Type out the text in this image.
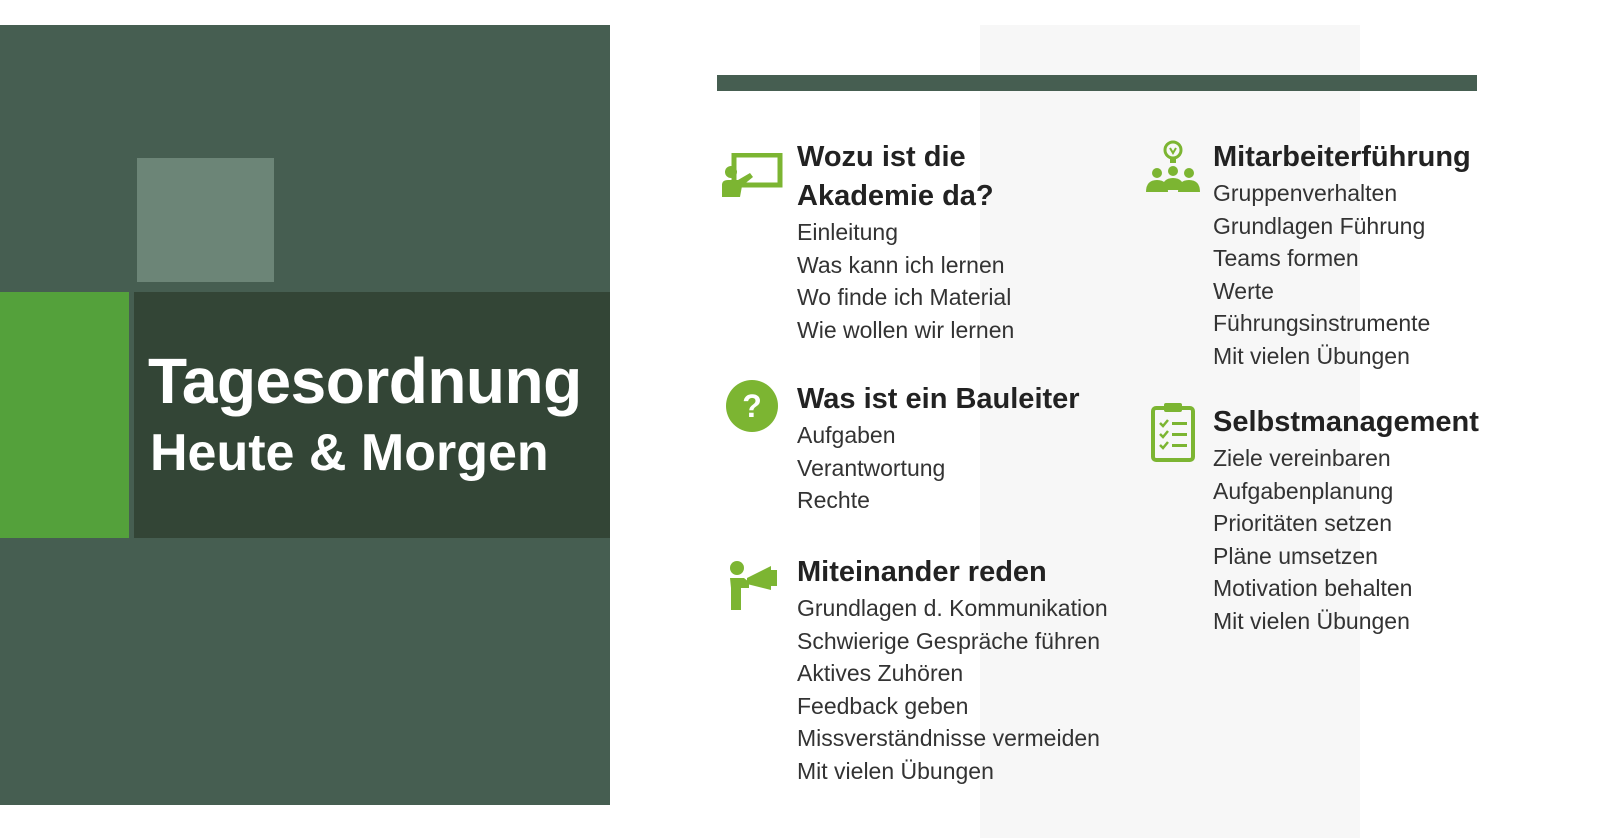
Tagesordnung
Heute & Morgen
Wozu ist die
Akademie da?
Einleitung
Was kann ich lernen
Wo finde ich Material
Wie wollen wir lernen
? Was ist ein Bauleiter
Aufgaben
Verantwortung
Rechte
Miteinander reden
Grundlagen d. Kommunikation
Schwierige Gespräche führen
Aktives Zuhören
Feedback geben
Missverständnisse vermeiden
Mit vielen Übungen
Mitarbeiterführung
Gruppenverhalten
Grundlagen Führung
Teams formen
Werte
Führungsinstrumente
Mit vielen Übungen
Selbstmanagement
Ziele vereinbaren
Aufgabenplanung
Prioritäten setzen
Pläne umsetzen
Motivation behalten
Mit vielen Übungen
